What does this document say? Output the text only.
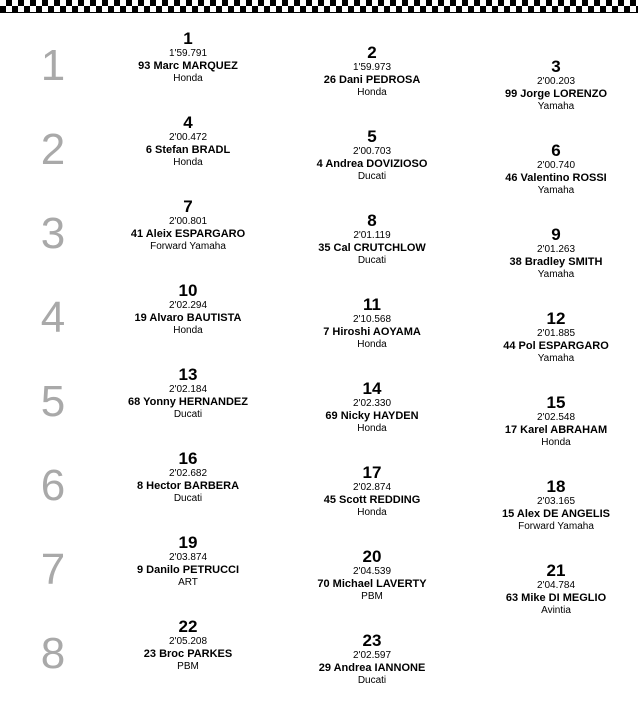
1
2
3
4
5
6
7
8
1
1'59.791
93 Marc MARQUEZ
Honda
2
1'59.973
26 Dani PEDROSA
Honda
3
2'00.203
99 Jorge LORENZO
Yamaha
4
2'00.472
6 Stefan BRADL
Honda
5
2'00.703
4 Andrea DOVIZIOSO
Ducati
6
2'00.740
46 Valentino ROSSI
Yamaha
7
2'00.801
41 Aleix ESPARGARO
Forward Yamaha
8
2'01.119
35 Cal CRUTCHLOW
Ducati
9
2'01.263
38 Bradley SMITH
Yamaha
10
2'02.294
19 Alvaro BAUTISTA
Honda
11
2'10.568
7 Hiroshi AOYAMA
Honda
12
2'01.885
44 Pol ESPARGARO
Yamaha
13
2'02.184
68 Yonny HERNANDEZ
Ducati
14
2'02.330
69 Nicky HAYDEN
Honda
15
2'02.548
17 Karel ABRAHAM
Honda
16
2'02.682
8 Hector BARBERA
Ducati
17
2'02.874
45 Scott REDDING
Honda
18
2'03.165
15 Alex DE ANGELIS
Forward Yamaha
19
2'03.874
9 Danilo PETRUCCI
ART
20
2'04.539
70 Michael LAVERTY
PBM
21
2'04.784
63 Mike DI MEGLIO
Avintia
22
2'05.208
23 Broc PARKES
PBM
23
2'02.597
29 Andrea IANNONE
Ducati
